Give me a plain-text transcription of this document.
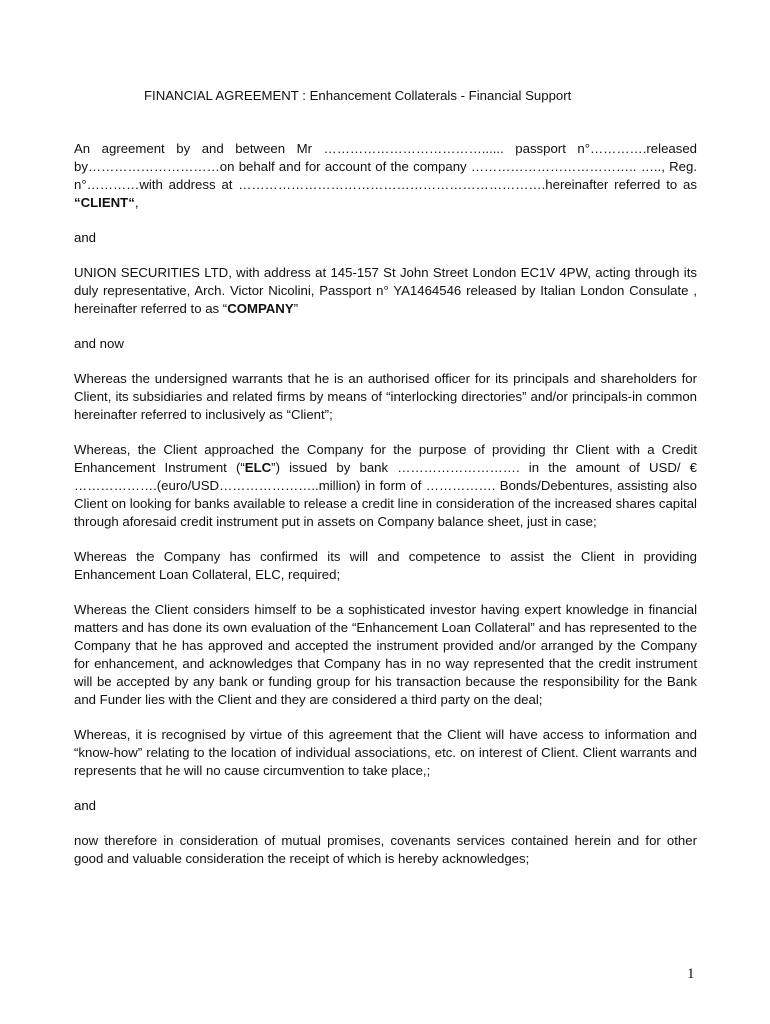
FINANCIAL AGREEMENT : Enhancement Collaterals - Financial Support

An agreement by and between Mr ………………………………...... passport n°………….released by…………………………on behalf and for account of the company ……………………………….. ….., Reg. n°…………with address at …………………………………………………………….hereinafter referred to as “CLIENT“,

and

UNION SECURITIES LTD, with address at 145-157 St John Street London EC1V 4PW, acting through its duly representative, Arch. Victor Nicolini, Passport n° YA1464546 released by Italian London Consulate , hereinafter referred to as “COMPANY”

and now

Whereas the undersigned warrants that he is an authorised officer for its principals and shareholders for Client, its subsidiaries and related firms by means of “interlocking directories” and/or principals-in common hereinafter referred to inclusively as “Client”;

Whereas, the Client approached the Company for the purpose of providing thr Client with a Credit Enhancement Instrument (“ELC”) issued by bank ………………………. in the amount of USD/ € ……………….(euro/USD…………………..million) in form of ……………. Bonds/Debentures, assisting also Client on looking for banks available to release a credit line in consideration of the increased shares capital through aforesaid credit instrument put in assets on Company balance sheet, just in case;

Whereas the Company has confirmed its will and competence to assist the Client in providing Enhancement Loan Collateral, ELC, required;

Whereas the Client considers himself to be a sophisticated investor having expert knowledge in financial matters and has done its own evaluation of the “Enhancement Loan Collateral” and has represented to the Company that he has approved and accepted the instrument provided and/or arranged by the Company for enhancement, and acknowledges that Company has in no way represented that the credit instrument will be accepted by any bank or funding group for his transaction because the responsibility for the Bank and Funder lies with the Client and they are considered a third party on the deal;

Whereas, it is recognised by virtue of this agreement that the Client will have access to information and “know-how” relating to the location of individual associations, etc. on interest of Client. Client warrants and represents that he will no cause circumvention to take place,;

and

now therefore in consideration of mutual promises, covenants services contained herein and for other good and valuable consideration the receipt of which is hereby acknowledges;

1
